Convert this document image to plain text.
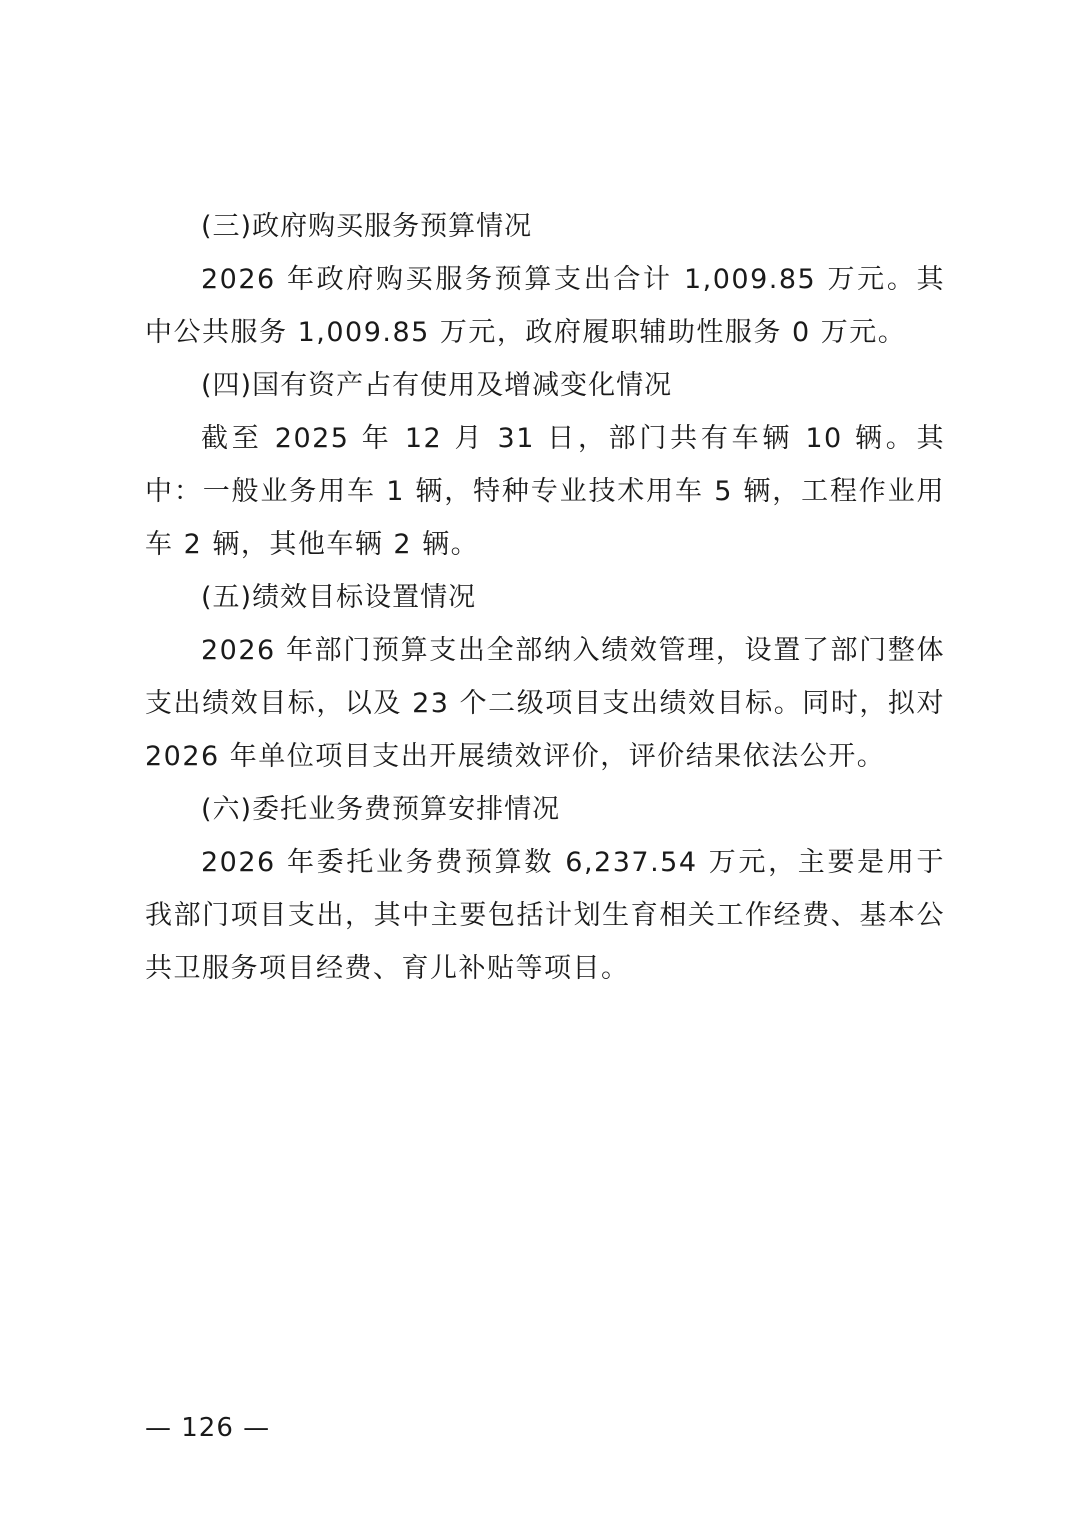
(三)政府购买服务预算情况

2026 年政府购买服务预算支出合计 1,009.85 万元。其中公共服务 1,009.85 万元，政府履职辅助性服务 0 万元。

(四)国有资产占有使用及增减变化情况

截至 2025 年 12 月 31 日，部门共有车辆 10 辆。其中：一般业务用车 1 辆，特种专业技术用车 5 辆，工程作业用车 2 辆，其他车辆 2 辆。

(五)绩效目标设置情况

2026 年部门预算支出全部纳入绩效管理，设置了部门整体支出绩效目标，以及 23 个二级项目支出绩效目标。同时，拟对 2026 年单位项目支出开展绩效评价，评价结果依法公开。

(六)委托业务费预算安排情况

2026 年委托业务费预算数 6,237.54 万元，主要是用于我部门项目支出，其中主要包括计划生育相关工作经费、基本公共卫服务项目经费、育儿补贴等项目。

— 126 —
